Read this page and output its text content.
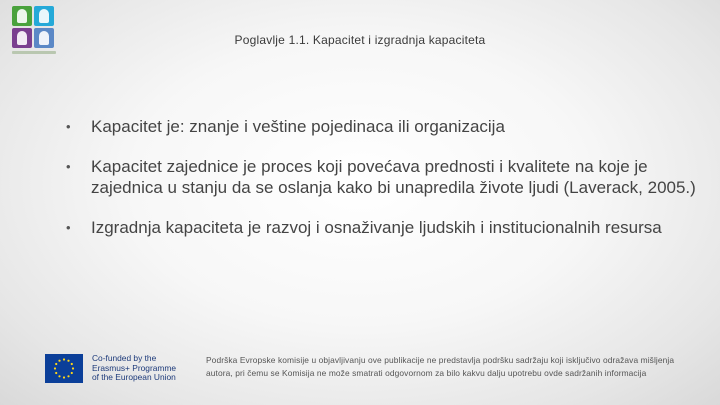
Poglavlje 1.1. Kapacitet i izgradnja kapaciteta
• Kapacitet je: znanje i veštine pojedinaca ili organizacija
• Kapacitet zajednice je proces koji povećava prednosti i kvalitete na koje je zajednica u stanju da se oslanja kako bi unapredila živote ljudi (Laverack, 2005.)
• Izgradnja kapaciteta je razvoj i osnaživanje ljudskih i institucionalnih resursa
Co-funded by the
Erasmus+ Programme
of the European Union
Podrška Evropske komisije u objavljivanju ove publikacije ne predstavlja podršku sadržaju koji isključivo odražava mišljenja autora, pri čemu se Komisija ne može smatrati odgovornom za bilo kakvu dalju upotrebu ovde sadržanih informacija
